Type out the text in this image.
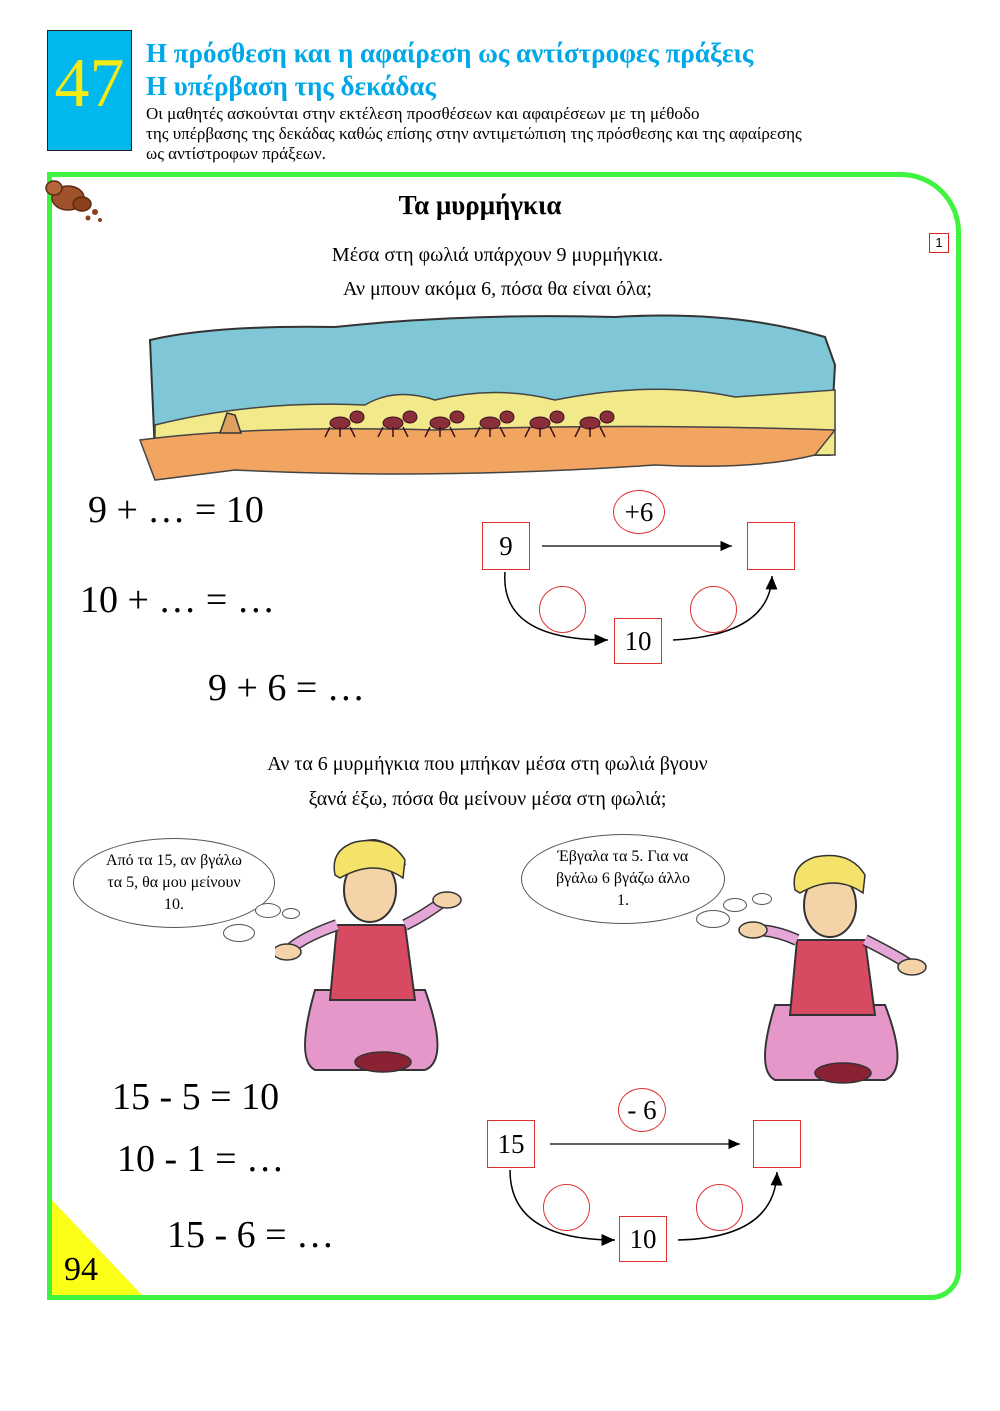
47 Η πρόσθεση και η αφαίρεση ως αντίστροφες πράξεις
Η υπέρβαση της δεκάδας
Οι μαθητές ασκούνται στην εκτέλεση προσθέσεων και αφαιρέσεων με τη μέθοδο
της υπέρβασης της δεκάδας καθώς επίσης στην αντιμετώπιση της πρόσθεσης και της αφαίρεσης
ως αντίστροφων πράξεων.
94
1
Τα μυρμήγκια
Μέσα στη φωλιά υπάρχουν 9 μυρμήγκια.
Αν μπουν ακόμα 6, πόσα θα είναι όλα;
9 + … = 10
10 + … = …
9 + 6 = …
+6
9
10
Αν τα 6 μυρμήγκια που μπήκαν μέσα στη φωλιά βγουν
ξανά έξω, πόσα θα μείνουν μέσα στη φωλιά;
Από τα 15, αν βγάλω τα 5, θα μου μείνουν 10.
Έβγαλα τα 5. Για να βγάλω 6 βγάζω άλλο 1.
15 - 5 = 10
10 - 1 = …
15 - 6 = …
- 6
15
10
